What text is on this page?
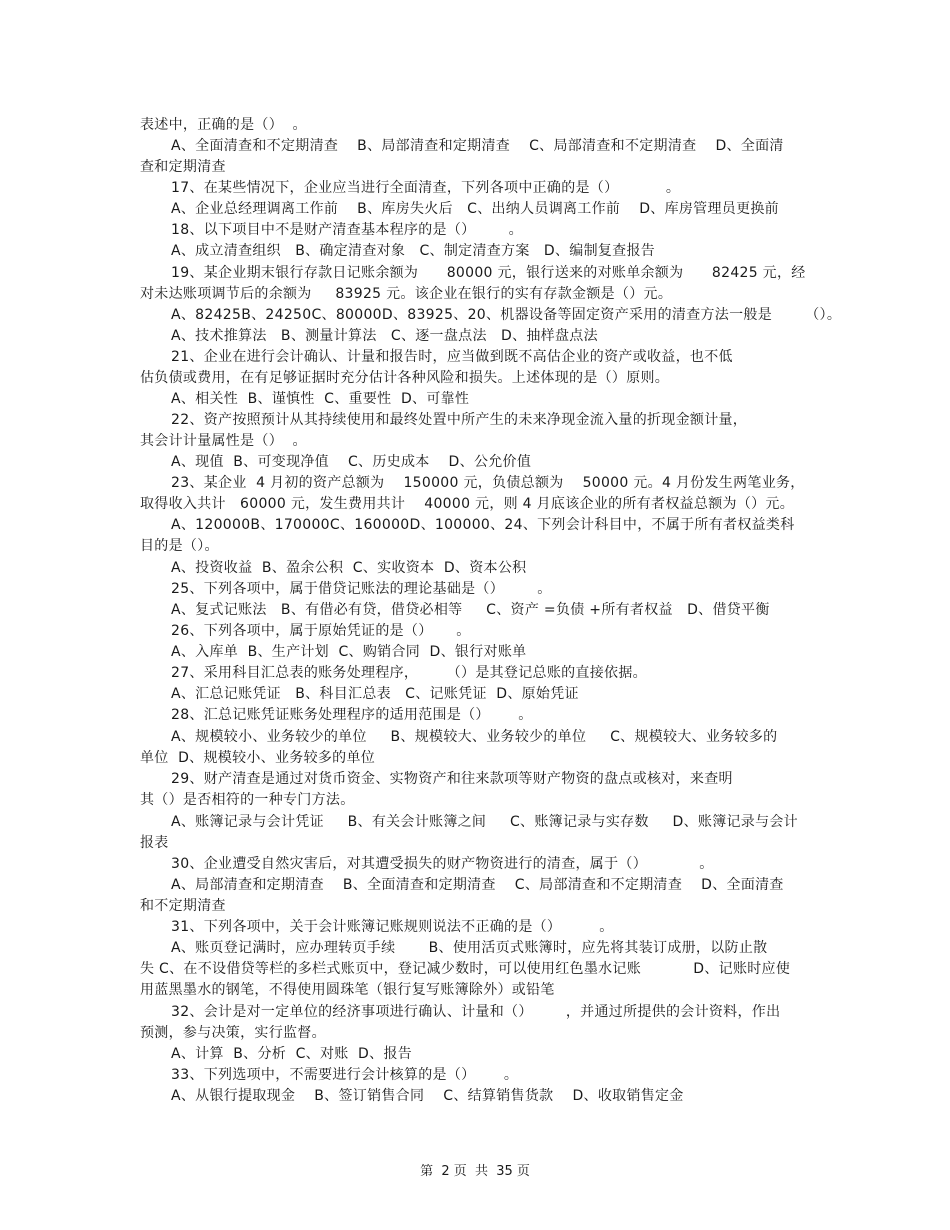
表述中，正确的是（）  。
A、全面清查和不定期清查    B、局部清查和定期清查    C、局部清查和不定期清查    D、全面清
查和定期清查
17、在某些情况下，企业应当进行全面清查，下列各项中正确的是（）          。
A、企业总经理调离工作前    B、库房失火后   C、出纳人员调离工作前    D、库房管理员更换前
18、以下项目中不是财产清查基本程序的是（）       。
A、成立清查组织   B、确定清查对象   C、制定清查方案   D、编制复查报告
19、某企业期末银行存款日记账余额为      80000 元，银行送来的对账单余额为      82425 元，经
对未达账项调节后的余额为     83925 元。该企业在银行的实有存款金额是（）元。
A、82425B、24250C、80000D、83925、20、机器设备等固定资产采用的清查方法一般是       （）。
A、技术推算法   B、测量计算法   C、逐一盘点法   D、抽样盘点法
21、企业在进行会计确认、计量和报告时，应当做到既不高估企业的资产或收益，也不低
估负债或费用，在有足够证据时充分估计各种风险和损失。上述体现的是（）原则。
A、相关性  B、谨慎性  C、重要性  D、可靠性
22、资产按照预计从其持续使用和最终处置中所产生的未来净现金流入量的折现金额计量，
其会计计量属性是（）  。
A、现值  B、可变现净值    C、历史成本    D、公允价值
23、某企业  4 月初的资产总额为    150000 元，负债总额为    50000 元。4 月份发生两笔业务，
取得收入共计   60000 元，发生费用共计    40000 元，则 4 月底该企业的所有者权益总额为（）元。
A、120000B、170000C、160000D、100000、24、下列会计科目中，不属于所有者权益类科
目的是（）。
A、投资收益  B、盈余公积  C、实收资本  D、资本公积
25、下列各项中，属于借贷记账法的理论基础是（）       。
A、复式记账法   B、有借必有贷，借贷必相等     C、资产 =负债 +所有者权益   D、借贷平衡
26、下列各项中，属于原始凭证的是（）     。
A、入库单  B、生产计划  C、购销合同  D、银行对账单
27、采用科目汇总表的账务处理程序，      （）是其登记总账的直接依据。
A、汇总记账凭证   B、科目汇总表   C、记账凭证  D、原始凭证
28、汇总记账凭证账务处理程序的适用范围是（）      。
A、规模较小、业务较少的单位     B、规模较大、业务较少的单位     C、规模较大、业务较多的
单位  D、规模较小、业务较多的单位
29、财产清查是通过对货币资金、实物资产和往来款项等财产物资的盘点或核对，来查明
其（）是否相符的一种专门方法。
A、账簿记录与会计凭证     B、有关会计账簿之间     C、账簿记录与实存数     D、账簿记录与会计
报表
30、企业遭受自然灾害后，对其遭受损失的财产物资进行的清查，属于（）           。
A、局部清查和定期清查    B、全面清查和定期清查    C、局部清查和不定期清查    D、全面清查
和不定期清查
31、下列各项中，关于会计账簿记账规则说法不正确的是（）        。
A、账页登记满时，应办理转页手续       B、使用活页式账簿时，应先将其装订成册，以防止散
失 C、在不设借贷等栏的多栏式账页中，登记减少数时，可以使用红色墨水记账           D、记账时应使
用蓝黑墨水的钢笔，不得使用圆珠笔（银行复写账簿除外）或铅笔
32、会计是对一定单位的经济事项进行确认、计量和（）       ，并通过所提供的会计资料，作出
预测，参与决策，实行监督。
A、计算  B、分析  C、对账  D、报告
33、下列选项中，不需要进行会计核算的是（）      。
A、从银行提取现金    B、签订销售合同    C、结算销售货款    D、收取销售定金
第  2 页  共  35 页
